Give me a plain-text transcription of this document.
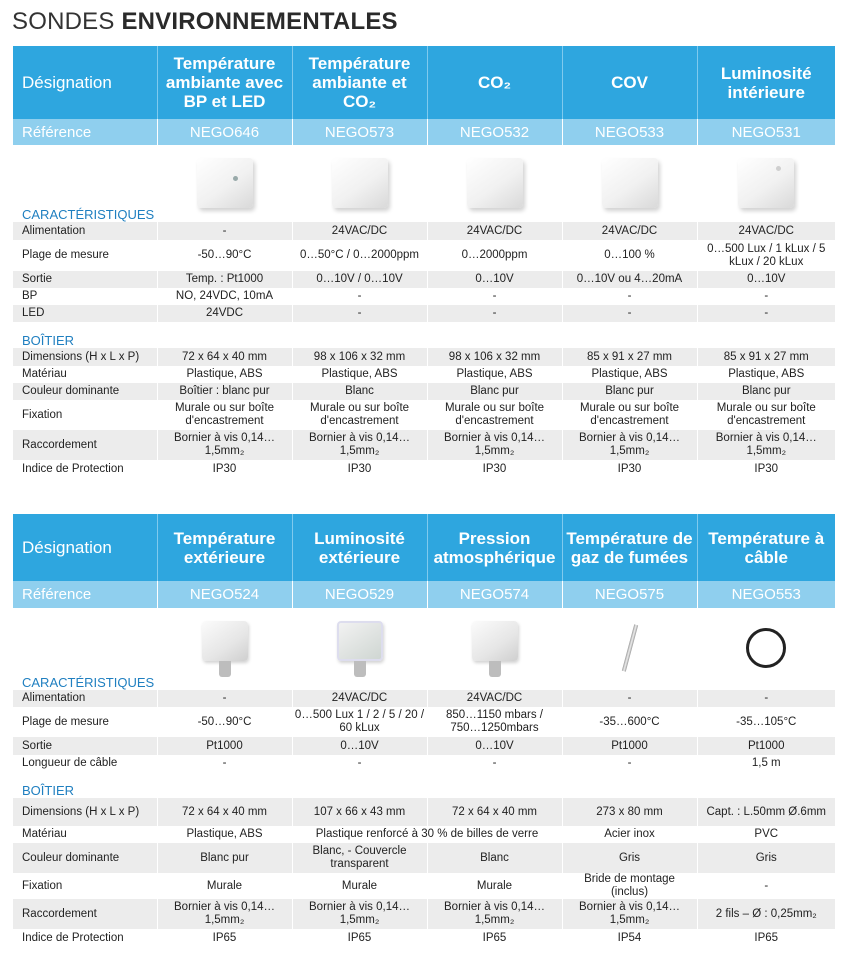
SONDES ENVIRONNEMENTALES
Désignation	Température ambiante avec BP et LED	Température ambiante et CO₂	CO₂	COV	Luminosité intérieure
Référence	NEGO646	NEGO573	NEGO532	NEGO533	NEGO531
CARACTÉRISTIQUES	

Alimentation	-	24VAC/DC	24VAC/DC	24VAC/DC	24VAC/DC
Plage de mesure	-50…90°C	0…50°C / 0…2000ppm	0…2000ppm	0…100 %	0…500 Lux / 1 kLux / 5 kLux / 20 kLux
Sortie	Temp. : Pt1000	0…10V / 0…10V	0…10V	0…10V ou 4…20mA	0…10V
BP	NO, 24VDC, 10mA	-	-	-	-
LED	24VDC	-	-	-	-
BOÎTIER					
Dimensions (H x L x P)	72 x 64 x 40 mm	98 x 106 x 32 mm	98 x 106 x 32 mm	85 x 91 x 27 mm	85 x 91 x 27 mm
Matériau	Plastique, ABS	Plastique, ABS	Plastique, ABS	Plastique, ABS	Plastique, ABS
Couleur dominante	Boîtier : blanc pur	Blanc	Blanc pur	Blanc pur	Blanc pur
Fixation	Murale ou sur boîte d'encastrement	Murale ou sur boîte d'encastrement	Murale ou sur boîte d'encastrement	Murale ou sur boîte d'encastrement	Murale ou sur boîte d'encastrement
Raccordement	Bornier à vis 0,14…1,5mm₂	Bornier à vis 0,14…1,5mm₂	Bornier à vis 0,14…1,5mm₂	Bornier à vis 0,14…1,5mm₂	Bornier à vis 0,14…1,5mm₂
Indice de Protection	IP30	IP30	IP30	IP30	IP30
Désignation	Température extérieure	Luminosité extérieure	Pression atmosphérique	Température de gaz de fumées	Température à câble
Référence	NEGO524	NEGO529	NEGO574	NEGO575	NEGO553
CARACTÉRISTIQUES	

Alimentation	-	24VAC/DC	24VAC/DC	-	-
Plage de mesure	-50…90°C	0…500 Lux 1 / 2 / 5 / 20 / 60 kLux	850…1150 mbars / 750…1250mbars	-35…600°C	-35…105°C
Sortie	Pt1000	0…10V	0…10V	Pt1000	Pt1000
Longueur de câble	-	-	-	-	1,5 m
BOÎTIER					
Dimensions (H x L x P)	72 x 64 x 40 mm	107 x 66 x 43 mm	72 x 64 x 40 mm	273 x 80 mm	Capt. : L.50mm Ø.6mm
Matériau	Plastique, ABS	Plastique renforcé à 30 % de billes de verre		Acier inox	PVC
Couleur dominante	Blanc pur	Blanc, - Couvercle transparent	Blanc	Gris	Gris
Fixation	Murale	Murale	Murale	Bride de montage (inclus)	-
Raccordement	Bornier à vis 0,14…1,5mm₂	Bornier à vis 0,14…1,5mm₂	Bornier à vis 0,14…1,5mm₂	Bornier à vis 0,14…1,5mm₂	2 fils – Ø : 0,25mm₂
Indice de Protection	IP65	IP65	IP65	IP54	IP65
